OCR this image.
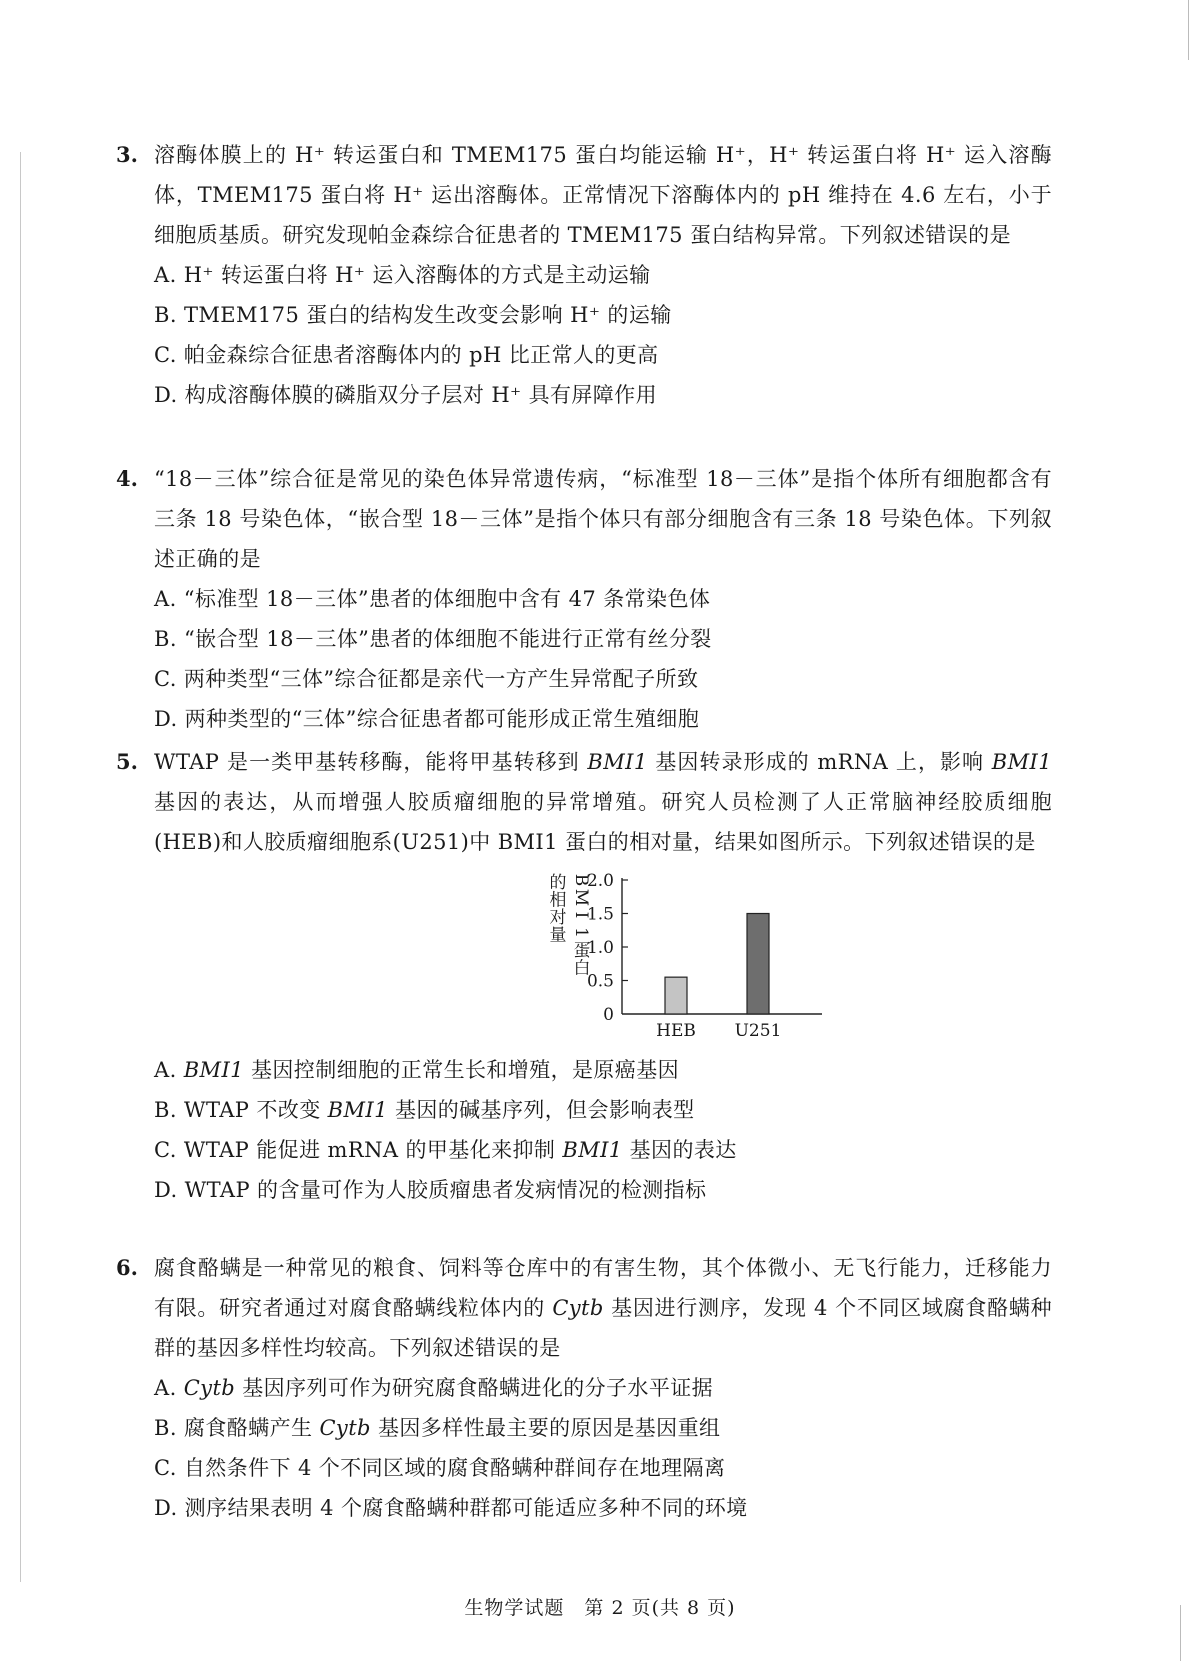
3. 溶酶体膜上的 H⁺ 转运蛋白和 TMEM175 蛋白均能运输 H⁺，H⁺ 转运蛋白将 H⁺ 运入溶酶体，TMEM175 蛋白将 H⁺ 运出溶酶体。正常情况下溶酶体内的 pH 维持在 4.6 左右，小于细胞质基质。研究发现帕金森综合征患者的 TMEM175 蛋白结构异常。下列叙述错误的是
A. H⁺ 转运蛋白将 H⁺ 运入溶酶体的方式是主动运输
B. TMEM175 蛋白的结构发生改变会影响 H⁺ 的运输
C. 帕金森综合征患者溶酶体内的 pH 比正常人的更高
D. 构成溶酶体膜的磷脂双分子层对 H⁺ 具有屏障作用
4. “18－三体”综合征是常见的染色体异常遗传病，“标准型 18－三体”是指个体所有细胞都含有三条 18 号染色体，“嵌合型 18－三体”是指个体只有部分细胞含有三条 18 号染色体。下列叙述正确的是
A. “标准型 18－三体”患者的体细胞中含有 47 条常染色体
B. “嵌合型 18－三体”患者的体细胞不能进行正常有丝分裂
C. 两种类型“三体”综合征都是亲代一方产生异常配子所致
D. 两种类型的“三体”综合征患者都可能形成正常生殖细胞
5. WTAP 是一类甲基转移酶，能将甲基转移到 BMI1 基因转录形成的 mRNA 上，影响 BMI1 基因的表达，从而增强人胶质瘤细胞的异常增殖。研究人员检测了人正常脑神经胶质细胞(HEB)和人胶质瘤细胞系(U251)中 BMI1 蛋白的相对量，结果如图所示。下列叙述错误的是
0
0.5
1.0
1.5
2.0
B
M
I
1
蛋
白
的
相
对
量
HEB U251
A. BMI1 基因控制细胞的正常生长和增殖，是原癌基因
B. WTAP 不改变 BMI1 基因的碱基序列，但会影响表型
C. WTAP 能促进 mRNA 的甲基化来抑制 BMI1 基因的表达
D. WTAP 的含量可作为人胶质瘤患者发病情况的检测指标
6. 腐食酪螨是一种常见的粮食、饲料等仓库中的有害生物，其个体微小、无飞行能力，迁移能力有限。研究者通过对腐食酪螨线粒体内的 Cytb 基因进行测序，发现 4 个不同区域腐食酪螨种群的基因多样性均较高。下列叙述错误的是
A. Cytb 基因序列可作为研究腐食酪螨进化的分子水平证据
B. 腐食酪螨产生 Cytb 基因多样性最主要的原因是基因重组
C. 自然条件下 4 个不同区域的腐食酪螨种群间存在地理隔离
D. 测序结果表明 4 个腐食酪螨种群都可能适应多种不同的环境
生物学试题　第 2 页(共 8 页)
